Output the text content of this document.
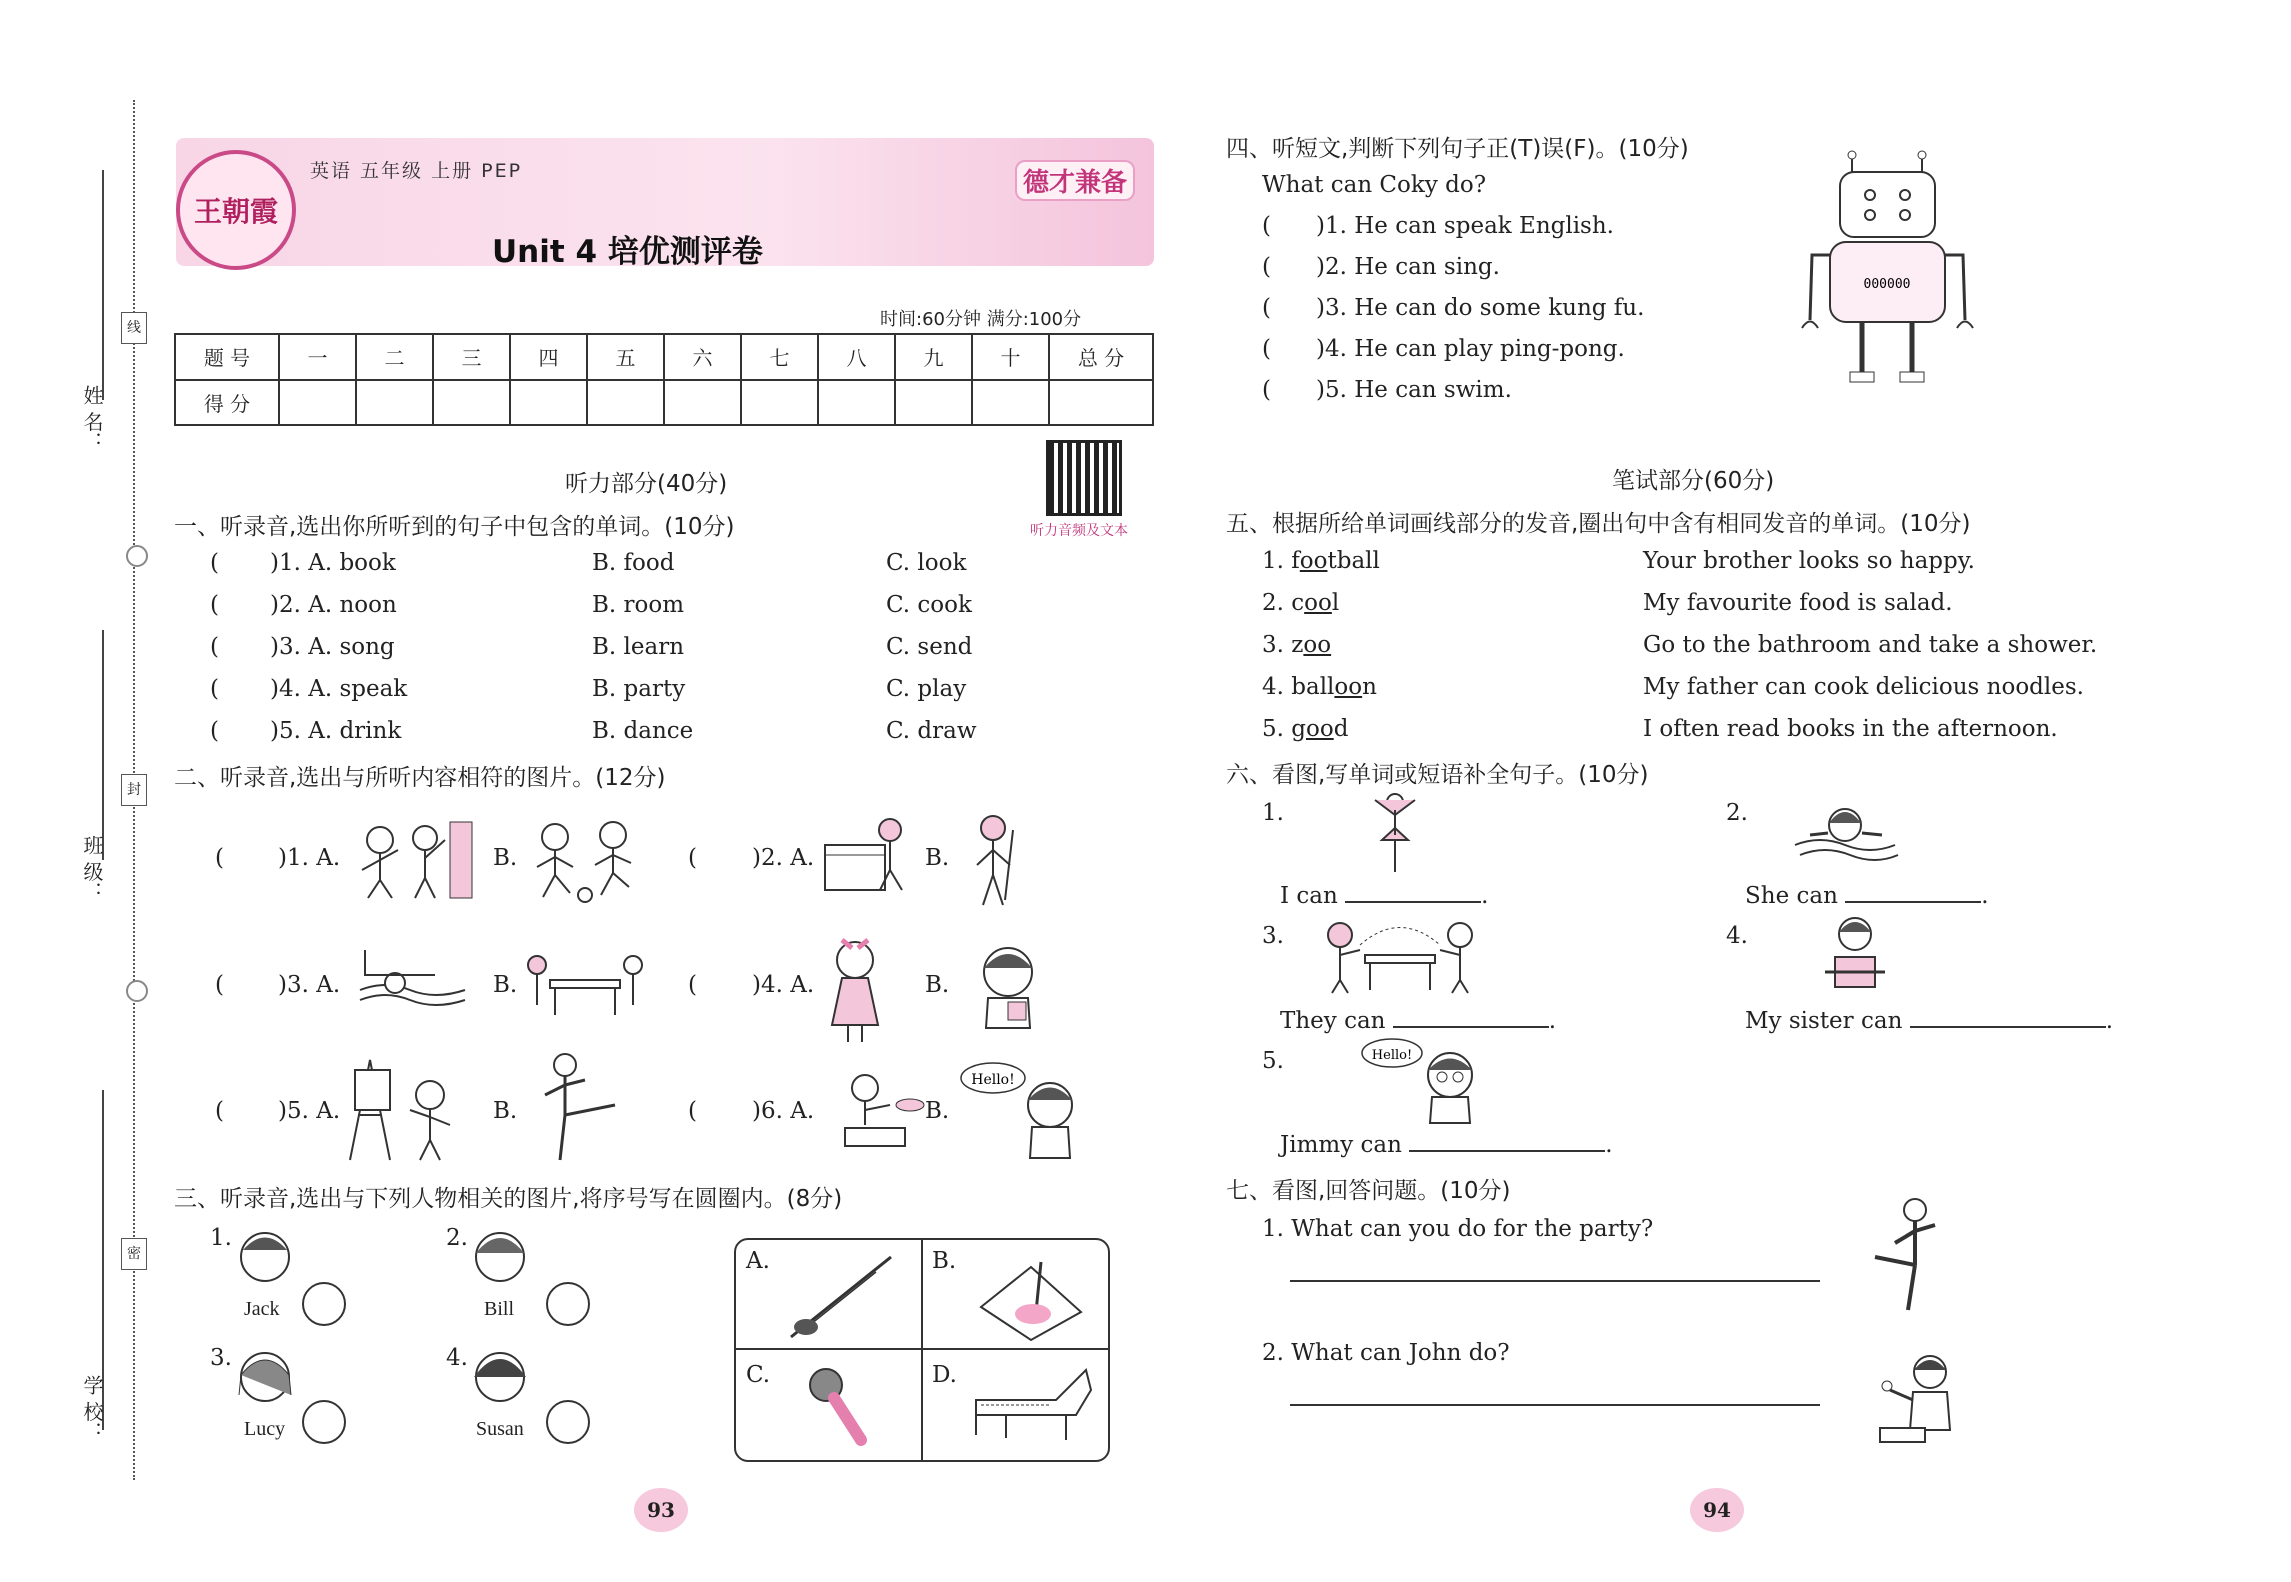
姓 名：
班 级：
学 校：
线
封
密
王朝霞
英语 五年级 上册 PEP	德才兼备
Unit 4 培优测评卷
时间:60分钟 满分:100分
题 号	一	二	三	四	五	六	七	八	九	十	总 分
得 分											
听力部分(40分)
听力音频及文本
一、听录音,选出你所听到的句子中包含的单词。(10分)
( )1. A. book	B. food	C. look
( )2. A. noon	B. room	C. cook
( )3. A. song	B. learn	C. send
( )4. A. speak	B. party	C. play
( )5. A. drink	B. dance	C. draw
二、听录音,选出与所听内容相符的图片。(12分)
( )1. A.	B.	( )2. A.	B.
( )3. A.	B.	( )4. A.	B.
( )5. A.	B.	( )6. A.	B.
Hello!
三、听录音,选出与下列人物相关的图片,将序号写在圆圈内。(8分)
1.
Jack
2.
Bill
3.
Lucy
4.
Susan
A.	B.
C.	D.
93
四、听短文,判断下列句子正(T)误(F)。(10分)
What can Coky do?
( )1. He can speak English.
( )2. He can sing.
( )3. He can do some kung fu.
( )4. He can play ping-pong.
( )5. He can swim.
000000
笔试部分(60分)
五、根据所给单词画线部分的发音,圈出句中含有相同发音的单词。(10分)
1. football	Your brother looks so happy.
2. cool	My favourite food is salad.
3. zoo	Go to the bathroom and take a shower.
4. balloon	My father can cook delicious noodles.
5. good	I often read books in the afternoon.
六、看图,写单词或短语补全句子。(10分)
1.
I can	.
2.
She can	.
3.
They can	.
4.
My sister can	.
5.	Hello!
Jimmy can	.
七、看图,回答问题。(10分)
1. What can you do for the party?
2. What can John do?
94
